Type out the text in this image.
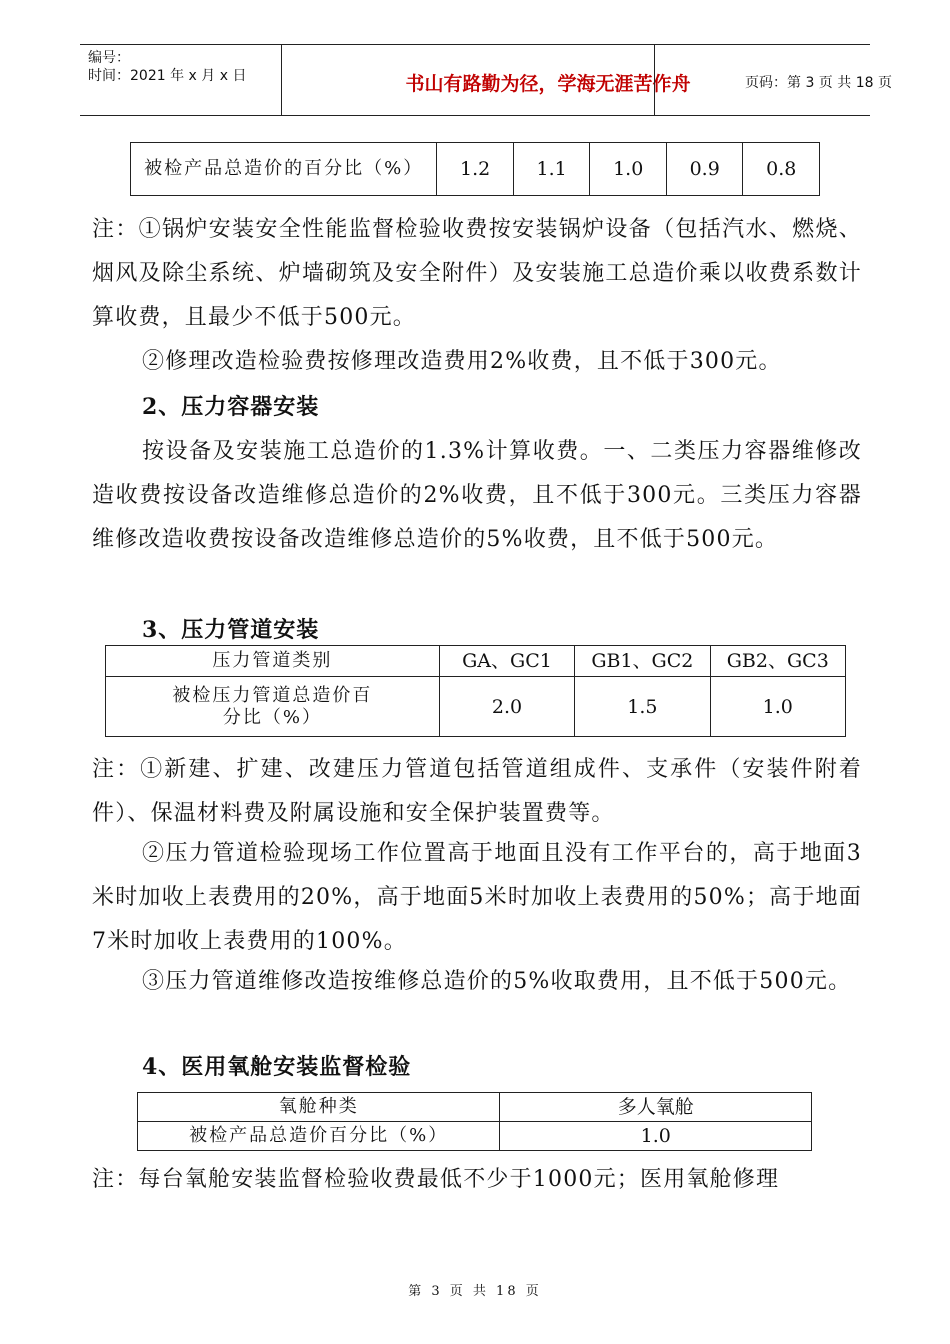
编号：
时间：2021 年 x 月 x 日	书山有路勤为径，学海无涯苦作舟	页码：第 3 页 共 18 页
被检产品总造价的百分比（%）	1.2	1.1	1.0	0.9	0.8

注：①锅炉安装安全性能监督检验收费按安装锅炉设备（包括汽水、燃烧、烟风及除尘系统、炉墙砌筑及安全附件）及安装施工总造价乘以收费系数计算收费，且最少不低于500元。

②修理改造检验费按修理改造费用2%收费，且不低于300元。

2、压力容器安装

按设备及安装施工总造价的1.3%计算收费。一、二类压力容器维修改造收费按设备改造维修总造价的2%收费，且不低于300元。三类压力容器维修改造收费按设备改造维修总造价的5%收费，且不低于500元。

3、压力管道安装
压力管道类别	GA、GC1	GB1、GC2	GB2、GC3
被检压力管道总造价百分比（%）	2.0	1.5	1.0

注：①新建、扩建、改建压力管道包括管道组成件、支承件（安装件附着件）、保温材料费及附属设施和安全保护装置费等。

②压力管道检验现场工作位置高于地面且没有工作平台的，高于地面3米时加收上表费用的20%，高于地面5米时加收上表费用的50%；高于地面7米时加收上表费用的100%。

③压力管道维修改造按维修总造价的5%收取费用，且不低于500元。

4、医用氧舱安装监督检验
氧舱种类	多人氧舱
被检产品总造价百分比（%）	1.0

注：每台氧舱安装监督检验收费最低不少于1000元；医用氧舱修理

第 3 页 共 18 页
